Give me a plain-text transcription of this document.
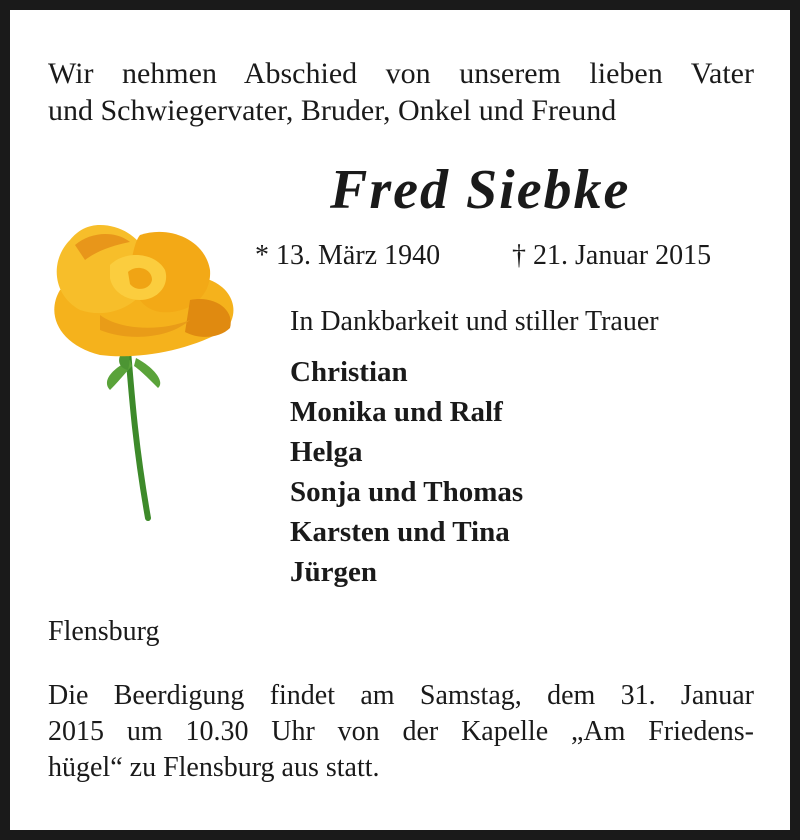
Wir nehmen Abschied von unserem lieben Vater
und Schwiegervater, Bruder, Onkel und Freund
Fred Siebke
* 13. März 1940	† 21. Januar 2015
In Dankbarkeit und stiller Trauer
Christian
Monika und Ralf
Helga
Sonja und Thomas
Karsten und Tina
Jürgen
Flensburg
Die Beerdigung findet am Samstag, dem 31. Januar
2015 um 10.30 Uhr von der Kapelle „Am Friedens-
hügel“ zu Flensburg aus statt.
